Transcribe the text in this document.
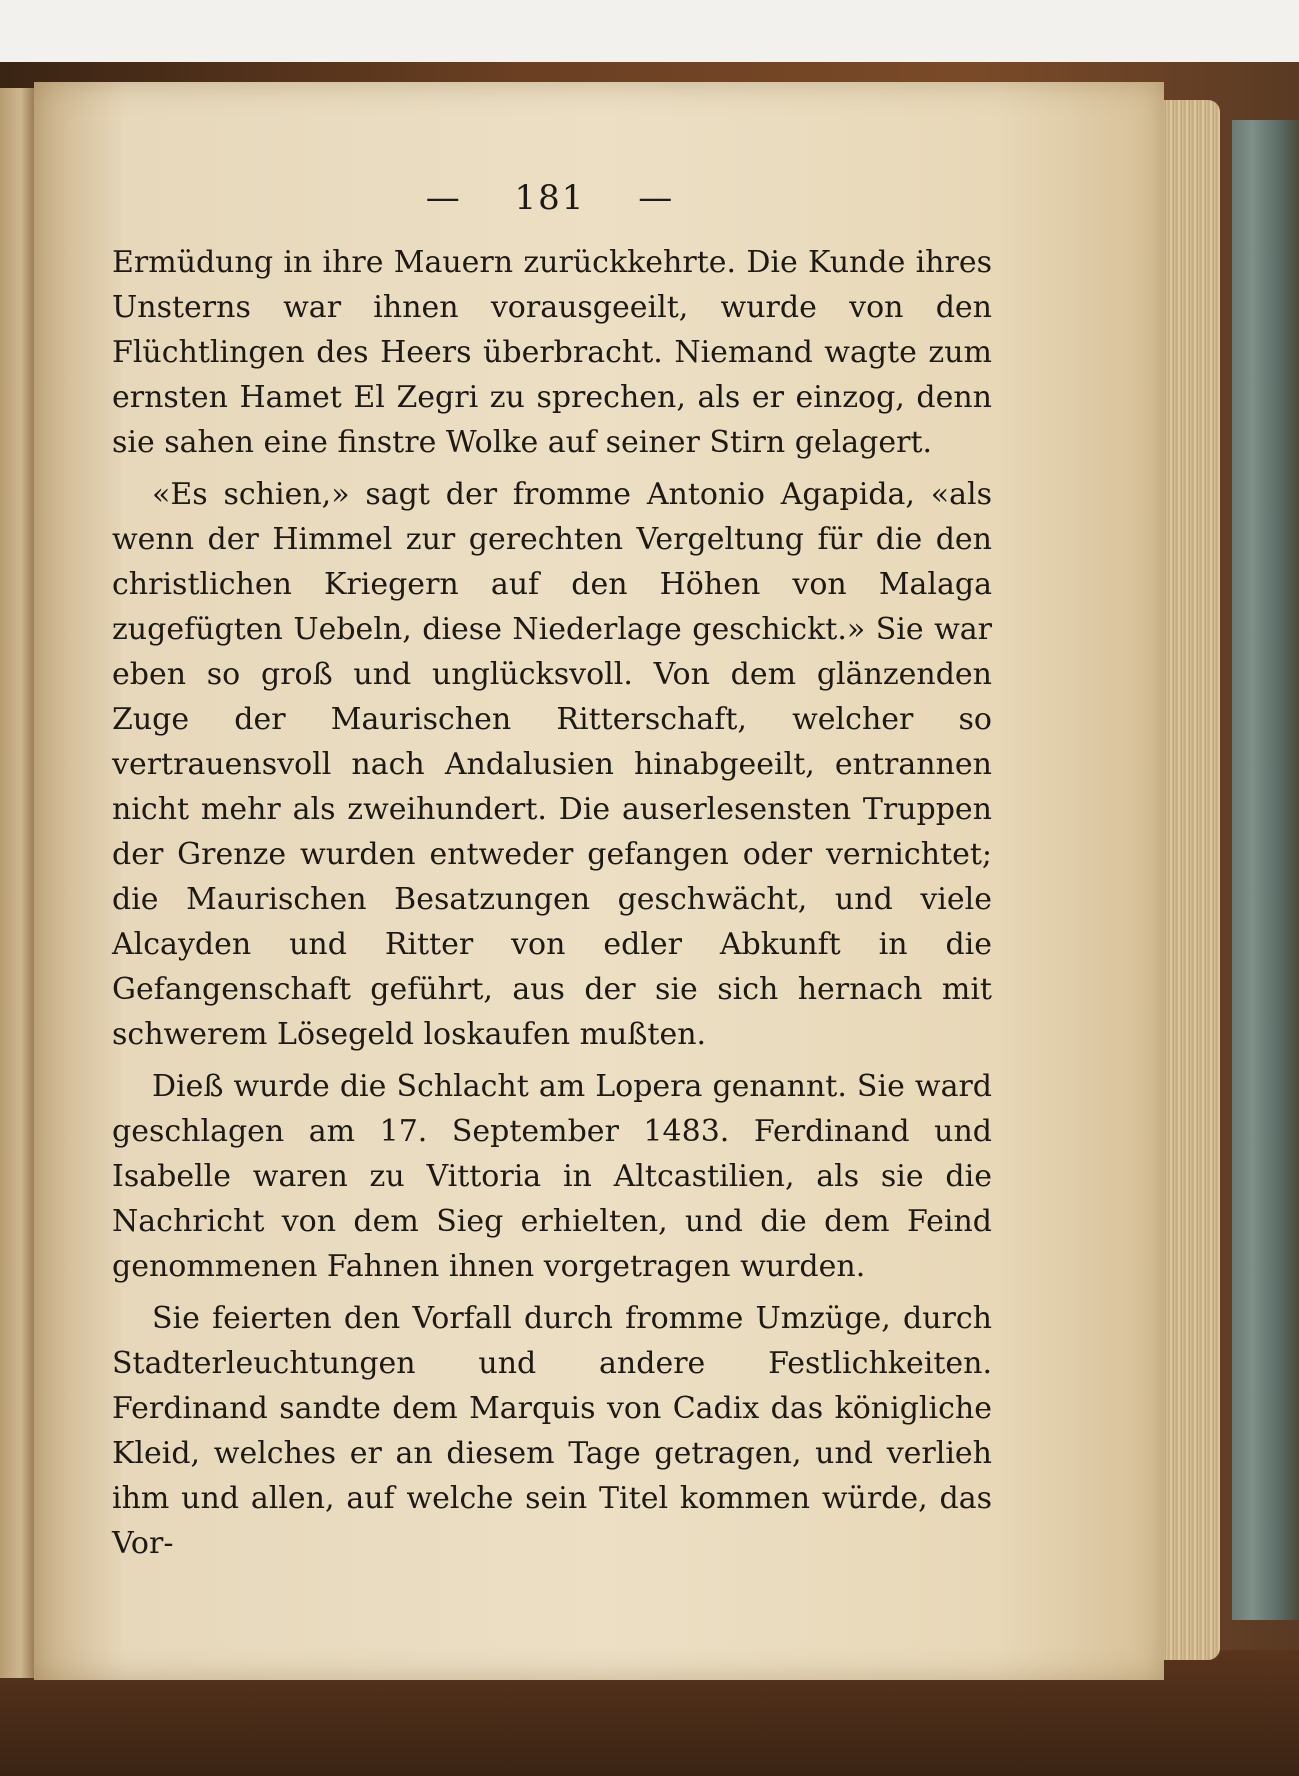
— 181 —

Ermüdung in ihre Mauern zurückkehrte. Die Kunde ihres Unsterns war ihnen vorausgeeilt, wurde von den Flüchtlingen des Heers überbracht. Niemand wagte zum ernsten Hamet El Zegri zu sprechen, als er einzog, denn sie sahen eine finstre Wolke auf seiner Stirn gelagert.

«Es schien,» sagt der fromme Antonio Agapida, «als wenn der Himmel zur gerechten Vergeltung für die den christlichen Kriegern auf den Höhen von Malaga zugefügten Uebeln, diese Niederlage geschickt.» Sie war eben so groß und unglücksvoll. Von dem glänzenden Zuge der Maurischen Ritterschaft, welcher so vertrauensvoll nach Andalusien hinabgeeilt, entrannen nicht mehr als zweihundert. Die auserlesensten Truppen der Grenze wurden entweder gefangen oder vernichtet; die Maurischen Besatzungen geschwächt, und viele Alcayden und Ritter von edler Abkunft in die Gefangenschaft geführt, aus der sie sich hernach mit schwerem Lösegeld loskaufen mußten.

Dieß wurde die Schlacht am Lopera genannt. Sie ward geschlagen am 17. September 1483. Ferdinand und Isabelle waren zu Vittoria in Altcastilien, als sie die Nachricht von dem Sieg erhielten, und die dem Feind genommenen Fahnen ihnen vorgetragen wurden.

Sie feierten den Vorfall durch fromme Umzüge, durch Stadterleuchtungen und andere Festlichkeiten. Ferdinand sandte dem Marquis von Cadix das königliche Kleid, welches er an diesem Tage getragen, und verlieh ihm und allen, auf welche sein Titel kommen würde, das Vor-
